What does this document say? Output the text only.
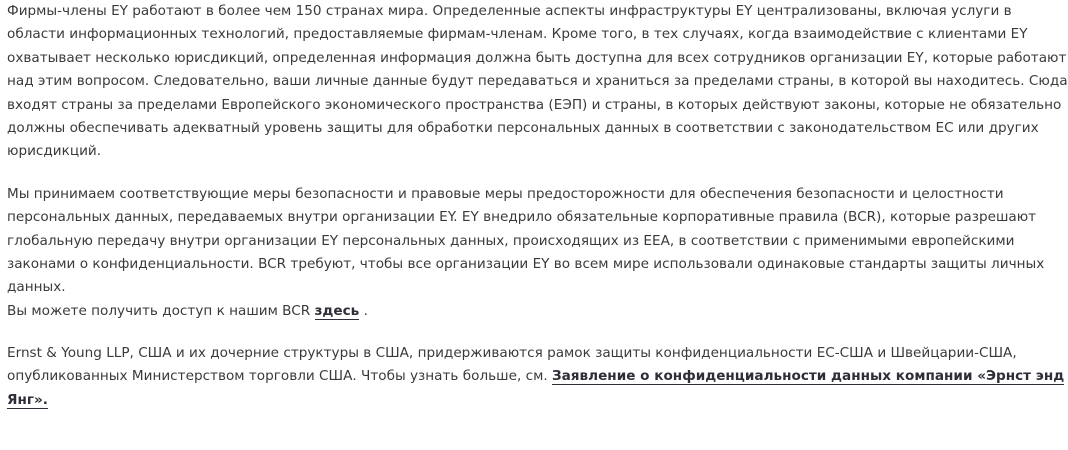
Фирмы-члены EY работают в более чем 150 странах мира. Определенные аспекты инфраструктуры EY централизованы, включая услуги в
области информационных технологий, предоставляемые фирмам-членам. Кроме того, в тех случаях, когда взаимодействие с клиентами EY
охватывает несколько юрисдикций, определенная информация должна быть доступна для всех сотрудников организации EY, которые работают
над этим вопросом. Следовательно, ваши личные данные будут передаваться и храниться за пределами страны, в которой вы находитесь. Сюда
входят страны за пределами Европейского экономического пространства (ЕЭП) и страны, в которых действуют законы, которые не обязательно
должны обеспечивать адекватный уровень защиты для обработки персональных данных в соответствии с законодательством ЕС или других
юрисдикций.
Мы принимаем соответствующие меры безопасности и правовые меры предосторожности для обеспечения безопасности и целостности
персональных данных, передаваемых внутри организации EY. EY внедрило обязательные корпоративные правила (BCR), которые разрешают
глобальную передачу внутри организации EY персональных данных, происходящих из EEA, в соответствии с применимыми европейскими
законами о конфиденциальности. BCR требуют, чтобы все организации EY во всем мире использовали одинаковые стандарты защиты личных
данных.
Вы можете получить доступ к нашим BCR здесь .
Ernst & Young LLP, США и их дочерние структуры в США, придерживаются рамок защиты конфиденциальности ЕС-США и Швейцарии-США,
опубликованных Министерством торговли США. Чтобы узнать больше, см. Заявление о конфиденциальности данных компании «Эрнст энд
Янг».
